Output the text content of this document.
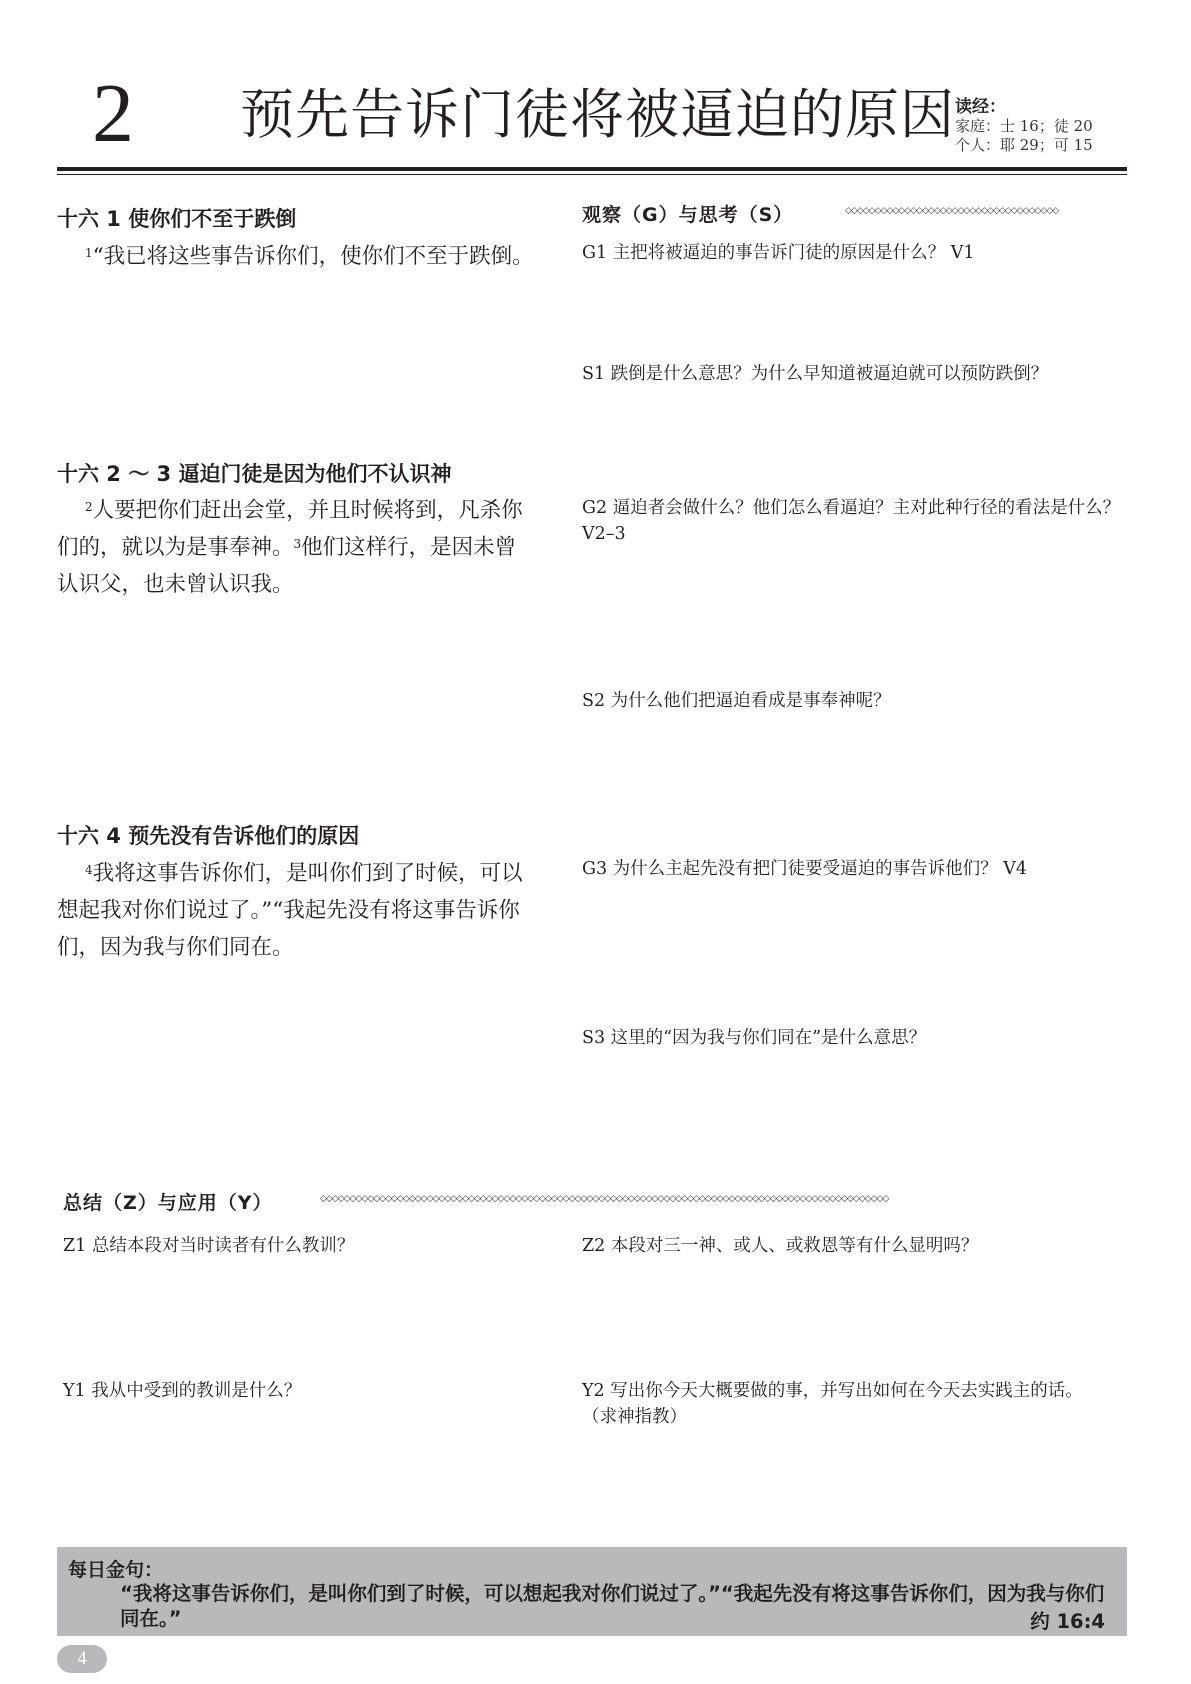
2 预先告诉门徒将被逼迫的原因 读经：
家庭：士 16；徒 20
个人：耶 29；可 15
十六 1 使你们不至于跌倒
$^1$“我已将这些事告诉你们，使你们不至于跌倒。
十六 2 ～ 3 逼迫门徒是因为他们不认识神
$^2$人要把你们赶出会堂，并且时候将到，凡杀你们的，就以为是事奉神。$^3$他们这样行，是因未曾认识父，也未曾认识我。
十六 4 预先没有告诉他们的原因
$^4$我将这事告诉你们，是叫你们到了时候，可以想起我对你们说过了。”“我起先没有将这事告诉你们，因为我与你们同在。
观察（G）与思考（S）	◇◇◇◇◇◇◇◇◇◇◇◇◇◇◇◇◇◇◇◇◇◇◇◇◇◇◇◇◇◇◇◇◇◇◇◇
G1 主把将被逼迫的事告诉门徒的原因是什么？ V1
S1 跌倒是什么意思？为什么早知道被逼迫就可以预防跌倒？
G2 逼迫者会做什么？他们怎么看逼迫？主对此种行径的看法是什么？ V2–3
S2 为什么他们把逼迫看成是事奉神呢？
G3 为什么主起先没有把门徒要受逼迫的事告诉他们？ V4
S3 这里的“因为我与你们同在”是什么意思？
总结（Z）与应用（Y）	◇◇◇◇◇◇◇◇◇◇◇◇◇◇◇◇◇◇◇◇◇◇◇◇◇◇◇◇◇◇◇◇◇◇◇◇◇◇◇◇◇◇◇◇◇◇◇◇◇◇◇◇◇◇◇◇◇◇◇◇◇◇◇◇◇◇◇◇◇◇◇◇◇◇◇◇◇◇◇◇◇◇◇◇◇◇◇◇◇◇◇◇◇◇◇◇
Z1 总结本段对当时读者有什么教训？	Z2 本段对三一神、或人、或救恩等有什么显明吗？
Y1 我从中受到的教训是什么？	Y2 写出你今天大概要做的事，并写出如何在今天去实践主的话。（求神指教）
每日金句：
“我将这事告诉你们，是叫你们到了时候，可以想起我对你们说过了。”“我起先没有将这事告诉你们，因为我与你们同在。”	约 16:4
4
